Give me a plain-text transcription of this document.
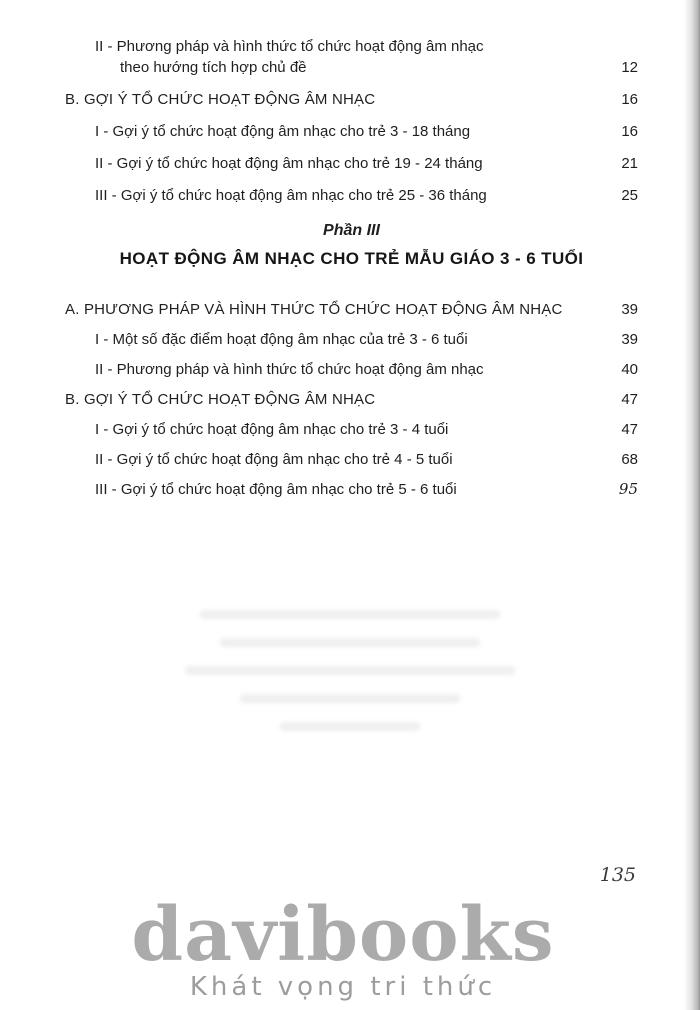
II - Phương pháp và hình thức tổ chức hoạt động âm nhạc
theo hướng tích hợp chủ đề	12
B. GỢI Ý TỔ CHỨC HOẠT ĐỘNG ÂM NHẠC	16
I - Gợi ý tổ chức hoạt động âm nhạc cho trẻ 3 - 18 tháng	16
II - Gợi ý tổ chức hoạt động âm nhạc cho trẻ 19 - 24 tháng	21
III - Gợi ý tổ chức hoạt động âm nhạc cho trẻ 25 - 36 tháng	25
Phần III
HOẠT ĐỘNG ÂM NHẠC CHO TRẺ MẪU GIÁO 3 - 6 TUỔI
A. PHƯƠNG PHÁP VÀ HÌNH THỨC TỔ CHỨC HOẠT ĐỘNG ÂM NHẠC	39
I - Một số đặc điểm hoạt động âm nhạc của trẻ 3 - 6 tuổi	39
II - Phương pháp và hình thức tổ chức hoạt động âm nhạc	40
B. GỢI Ý TỔ CHỨC HOẠT ĐỘNG ÂM NHẠC	47
I - Gợi ý tổ chức hoạt động âm nhạc cho trẻ 3 - 4 tuổi	47
II - Gợi ý tổ chức hoạt động âm nhạc cho trẻ 4 - 5 tuổi	68
III - Gợi ý tổ chức hoạt động âm nhạc cho trẻ 5 - 6 tuổi	95
135
davibooks
Khát vọng tri thức
